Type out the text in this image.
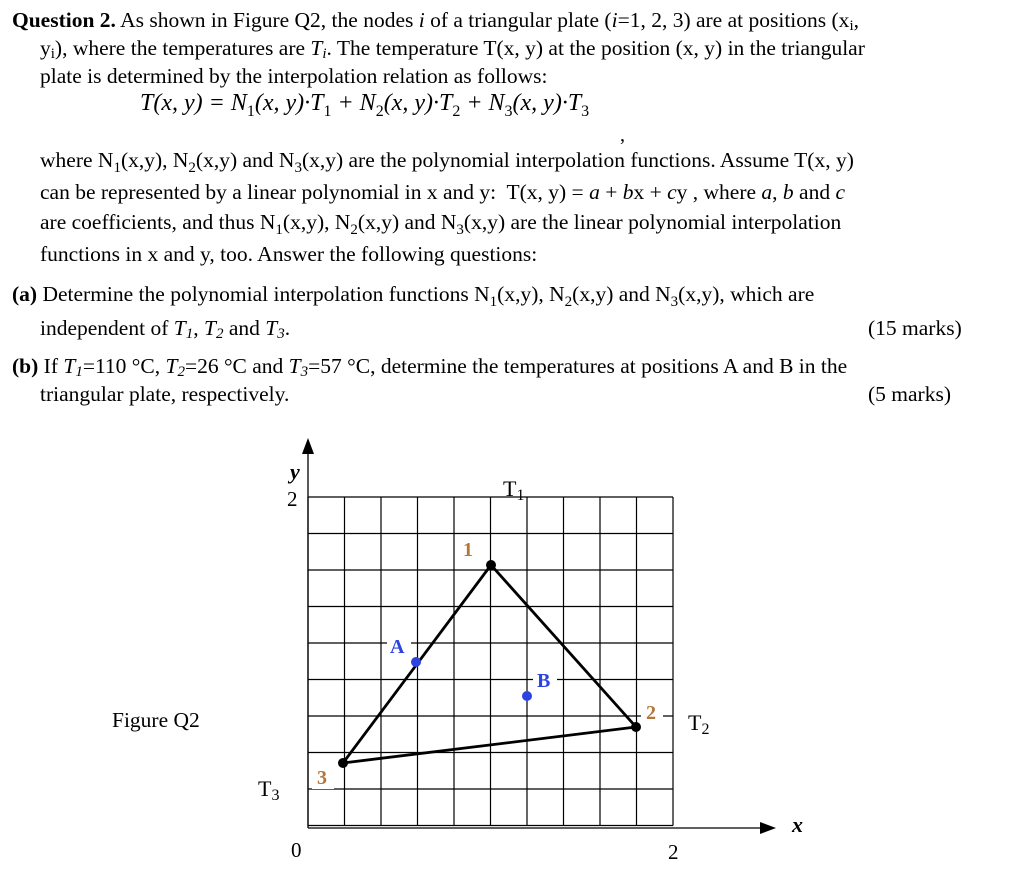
Question 2. As shown in Figure Q2, the nodes i of a triangular plate (i=1, 2, 3) are at positions (xi,
yi), where the temperatures are Ti. The temperature T(x, y) at the position (x, y) in the triangular
plate is determined by the interpolation relation as follows:
T(x, $y) = N_1(x$, $y)\cdot T_1 + N_2(x$, $y)\cdot T_2 + N_3(x$, $y)\cdot T_3$
,
where $N_1(x,y)$, $N_2(x,y)$ and $N_3(x,y)$ are the polynomial interpolation functions. Assume T(x, y)
can be represented by a linear polynomial in x and y:  T(x, y) = a + bx + cy , where a, b and c
are coefficients, and thus $N_1(x,y)$, $N_2(x,y)$ and $N_3(x,y)$ are the linear polynomial interpolation
functions in x and y, too. Answer the following questions:
(a) Determine the polynomial interpolation functions $N_1(x,y)$, $N_2(x,y)$ and $N_3(x,y)$, which are
independent of T1, T2 and T3.	(15 marks)
(b) If T1=110 °C, T2=26 °C and T3=57 °C, determine the temperatures at positions A and B in the
triangular plate, respectively.	(5 marks)
Figure Q2
1
2
3
A
B
T1
T2
T3
y
2
0	2
x
